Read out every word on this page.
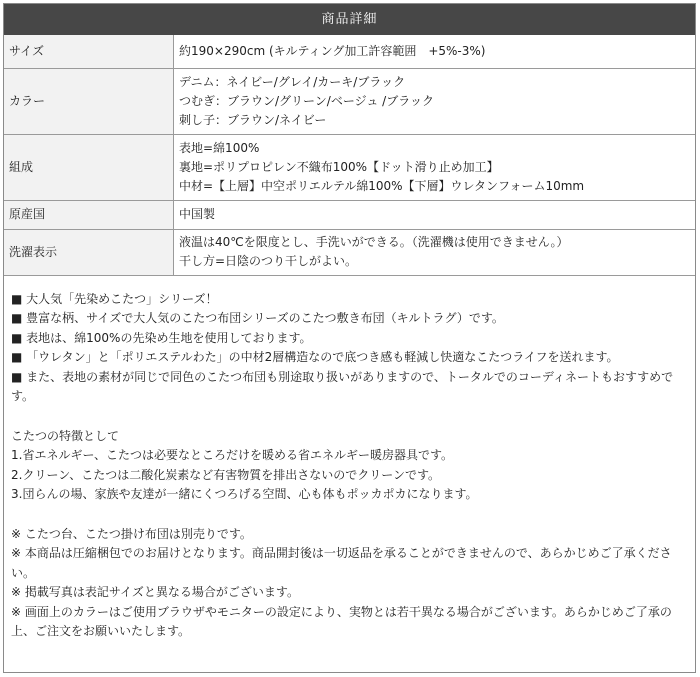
商品詳細
サイズ	約190×290cm (キルティング加工許容範囲　+5%-3%)

カラー	デニム：ネイビー/グレイ/カーキ/ブラック
つむぎ：ブラウン/グリーン/ベージュ /ブラック
刺し子：ブラウン/ネイビー

組成	表地=綿100%
裏地=ポリプロピレン不織布100%【ドット滑り止め加工】
中材=【上層】中空ポリエルテル綿100%【下層】ウレタンフォーム10mm

原産国	中国製

洗濯表示	液温は40℃を限度とし、手洗いができる。（洗濯機は使用できません。）
干し方=日陰のつり干しがよい。

■ 大人気「先染めこたつ」シリーズ！

■ 豊富な柄、サイズで大人気のこたつ布団シリーズのこたつ敷き布団（キルトラグ）です。

■ 表地は、綿100%の先染め生地を使用しております。

■ 「ウレタン」と「ポリエステルわた」の中材2層構造なので底つき感も軽減し快適なこたつライフを送れます。

■ また、表地の素材が同じで同色のこたつ布団も別途取り扱いがありますので、トータルでのコーディネートもおすすめです。

こたつの特徴として

1.省エネルギー、こたつは必要なところだけを暖める省エネルギー暖房器具です。

2.クリーン、こたつは二酸化炭素など有害物質を排出さないのでクリーンです。

3.団らんの場、家族や友達が一緒にくつろげる空間、心も体もポッカポカになります。

※ こたつ台、こたつ掛け布団は別売りです。

※ 本商品は圧縮梱包でのお届けとなります。商品開封後は一切返品を承ることができませんので、あらかじめご了承ください。

※ 掲載写真は表記サイズと異なる場合がございます。

※ 画面上のカラーはご使用ブラウザやモニターの設定により、実物とは若干異なる場合がございます。あらかじめご了承の上、ご注文をお願いいたします。
